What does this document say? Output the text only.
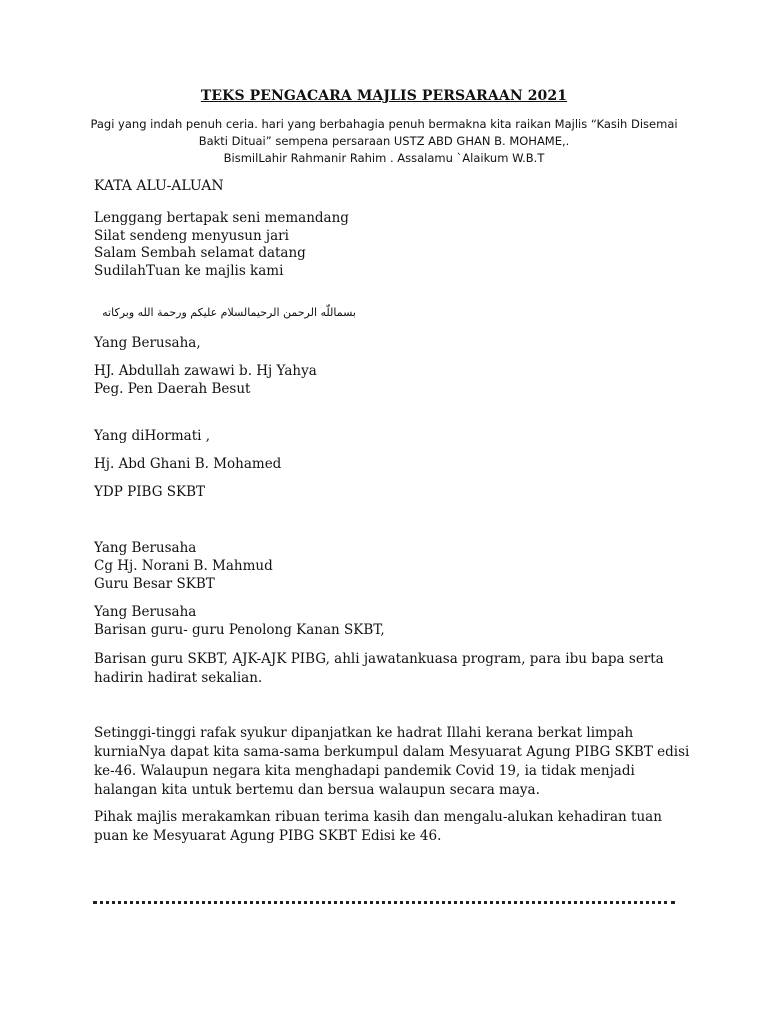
TEKS PENGACARA MAJLIS PERSARAAN 2021
Pagi yang indah penuh ceria. hari yang berbahagia penuh bermakna kita raikan Majlis “Kasih Disemai
Bakti Dituai” sempena persaraan USTZ ABD GHAN B. MOHAME,.
BismilLahir Rahmanir Rahim . Assalamu `Alaikum W.B.T
KATA ALU-ALUAN
Lenggang bertapak seni memandang
Silat sendeng menyusun jari
Salam Sembah selamat datang
SudilahTuan ke majlis kami
بسماللّه الرحمن الرحيمالسلام عليكم ورحمة الله وبركاته
Yang Berusaha,
HJ. Abdullah zawawi b. Hj Yahya
Peg. Pen Daerah Besut
Yang diHormati ,
Hj. Abd Ghani B. Mohamed
YDP PIBG SKBT
Yang Berusaha
Cg Hj. Norani B. Mahmud
Guru Besar SKBT
Yang Berusaha
Barisan guru- guru Penolong Kanan SKBT,
Barisan guru SKBT, AJK-AJK PIBG, ahli jawatankuasa program, para ibu bapa serta
hadirin hadirat sekalian.
Setinggi-tinggi rafak syukur dipanjatkan ke hadrat Illahi kerana berkat limpah
kurniaNya dapat kita sama-sama berkumpul dalam Mesyuarat Agung PIBG SKBT edisi
ke-46. Walaupun negara kita menghadapi pandemik Covid 19, ia tidak menjadi
halangan kita untuk bertemu dan bersua walaupun secara maya.
Pihak majlis merakamkan ribuan terima kasih dan mengalu-alukan kehadiran tuan
puan ke Mesyuarat Agung PIBG SKBT Edisi ke 46.
